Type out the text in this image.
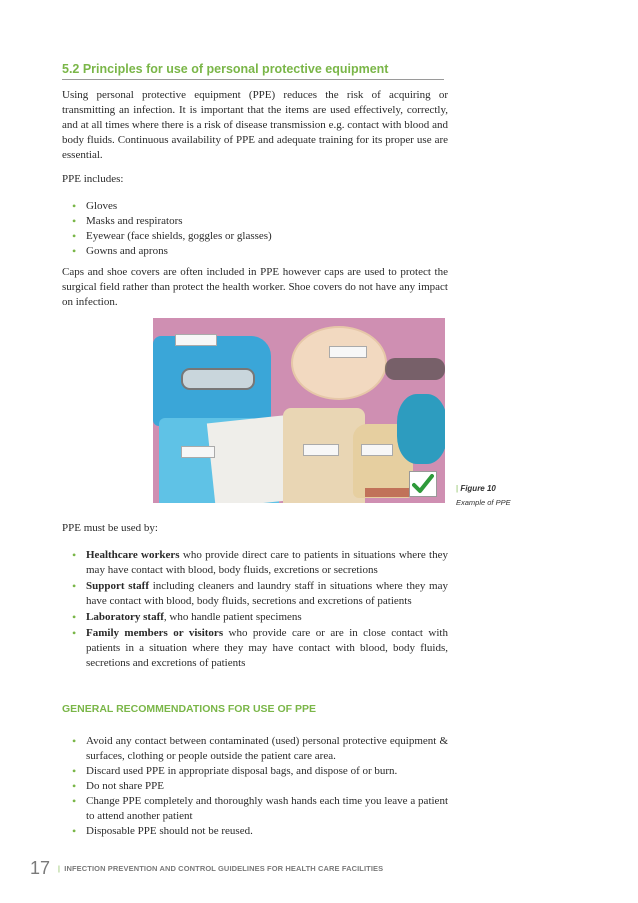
5.2 Principles for use of personal protective equipment
Using personal protective equipment (PPE) reduces the risk of acquiring or transmitting an infection. It is important that the items are used effectively, correctly, and at all times where there is a risk of disease transmission e.g. contact with blood and body fluids. Continuous availability of PPE and adequate training for its proper use are essential.
PPE includes:
• Gloves
• Masks and respirators
• Eyewear (face shields, goggles or glasses)
• Gowns and aprons
Caps and shoe covers are often included in PPE however caps are used to protect the surgical field rather than protect the health worker. Shoe covers do not have any impact on infection.
| Figure 10
Example of PPE
PPE must be used by:
• Healthcare workers who provide direct care to patients in situations where they may have contact with blood, body fluids, excretions or secretions
• Support staff including cleaners and laundry staff in situations where they may have contact with blood, body fluids, secretions and excretions of patients
• Laboratory staff, who handle patient specimens
• Family members or visitors who provide care or are in close contact with patients in a situation where they may have contact with blood, body fluids, secretions and excretions of patients
GENERAL RECOMMENDATIONS FOR USE OF PPE
• Avoid any contact between contaminated (used) personal protective equipment & surfaces, clothing or people outside the patient care area.
• Discard used PPE in appropriate disposal bags, and dispose of or burn.
• Do not share PPE
• Change PPE completely and thoroughly wash hands each time you leave a patient to attend another patient
• Disposable PPE should not be reused.
17 | INFECTION PREVENTION AND CONTROL GUIDELINES FOR HEALTH CARE FACILITIES
